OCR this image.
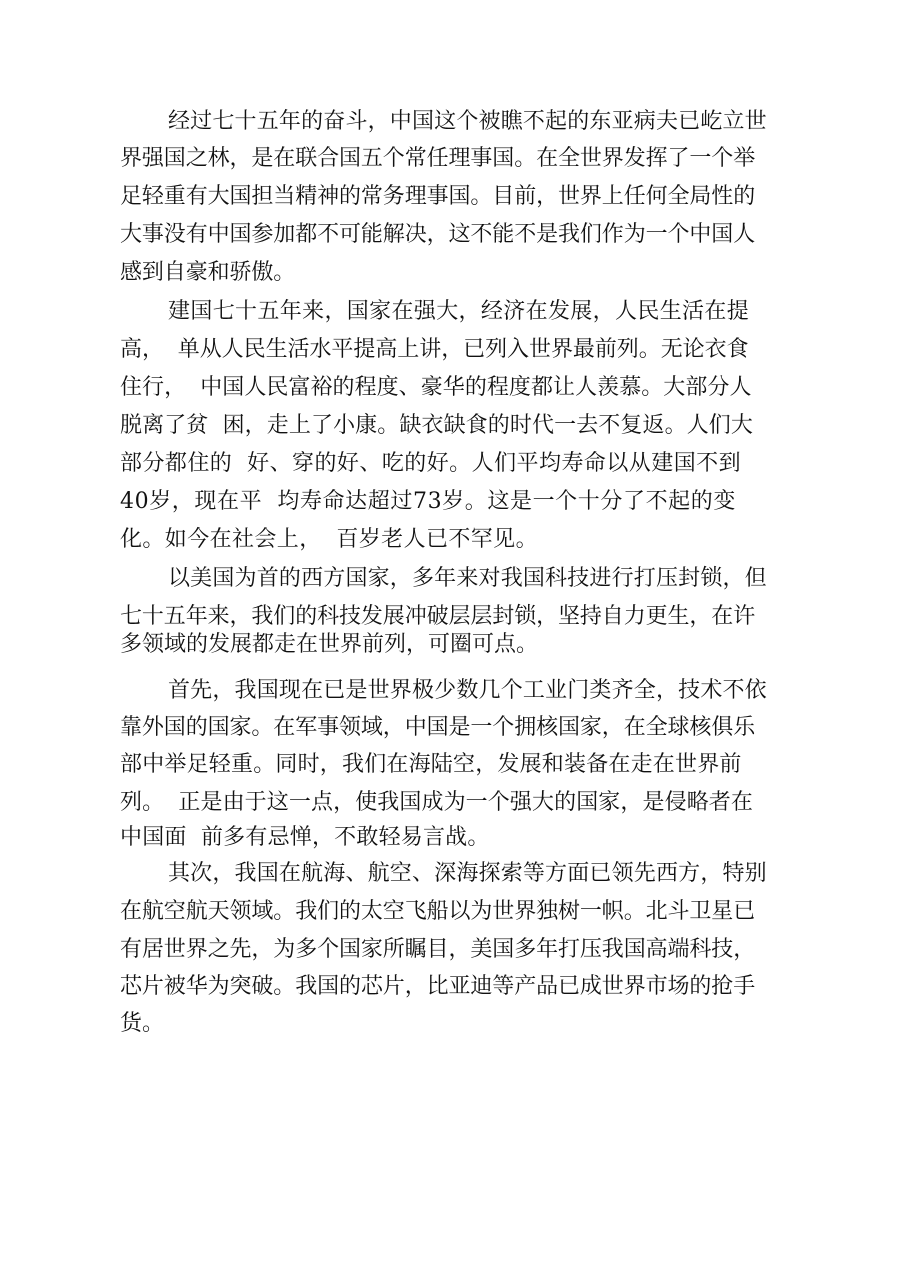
经过七十五年的奋斗，中国这个被瞧不起的东亚病夫已屹立世
界强国之林，是在联合国五个常任理事国。在全世界发挥了一个举
足轻重有大国担当精神的常务理事国。目前，世界上任何全局性的
大事没有中国参加都不可能解决，这不能不是我们作为一个中国人
感到自豪和骄傲。
建国七十五年来，国家在强大，经济在发展，人民生活在提
高，  单从人民生活水平提高上讲，已列入世界最前列。无论衣食
住行，  中国人民富裕的程度、豪华的程度都让人羡慕。大部分人
脱离了贫  困，走上了小康。缺衣缺食的时代一去不复返。人们大
部分都住的  好、穿的好、吃的好。人们平均寿命以从建国不到
40岁，现在平  均寿命达超过73岁。这是一个十分了不起的变
化。如今在社会上，  百岁老人已不罕见。
以美国为首的西方国家，多年来对我国科技进行打压封锁，但
七十五年来，我们的科技发展冲破层层封锁，坚持自力更生，在许
多领域的发展都走在世界前列，可圈可点。
首先，我国现在已是世界极少数几个工业门类齐全，技术不依
靠外国的国家。在军事领域，中国是一个拥核国家，在全球核俱乐
部中举足轻重。同时，我们在海陆空，发展和装备在走在世界前
列。  正是由于这一点，使我国成为一个强大的国家，是侵略者在
中国面  前多有忌惮，不敢轻易言战。
其次，我国在航海、航空、深海探索等方面已领先西方，特别
在航空航天领域。我们的太空飞船以为世界独树一帜。北斗卫星已
有居世界之先，为多个国家所瞩目，美国多年打压我国高端科技，
芯片被华为突破。我国的芯片，比亚迪等产品已成世界市场的抢手
货。
